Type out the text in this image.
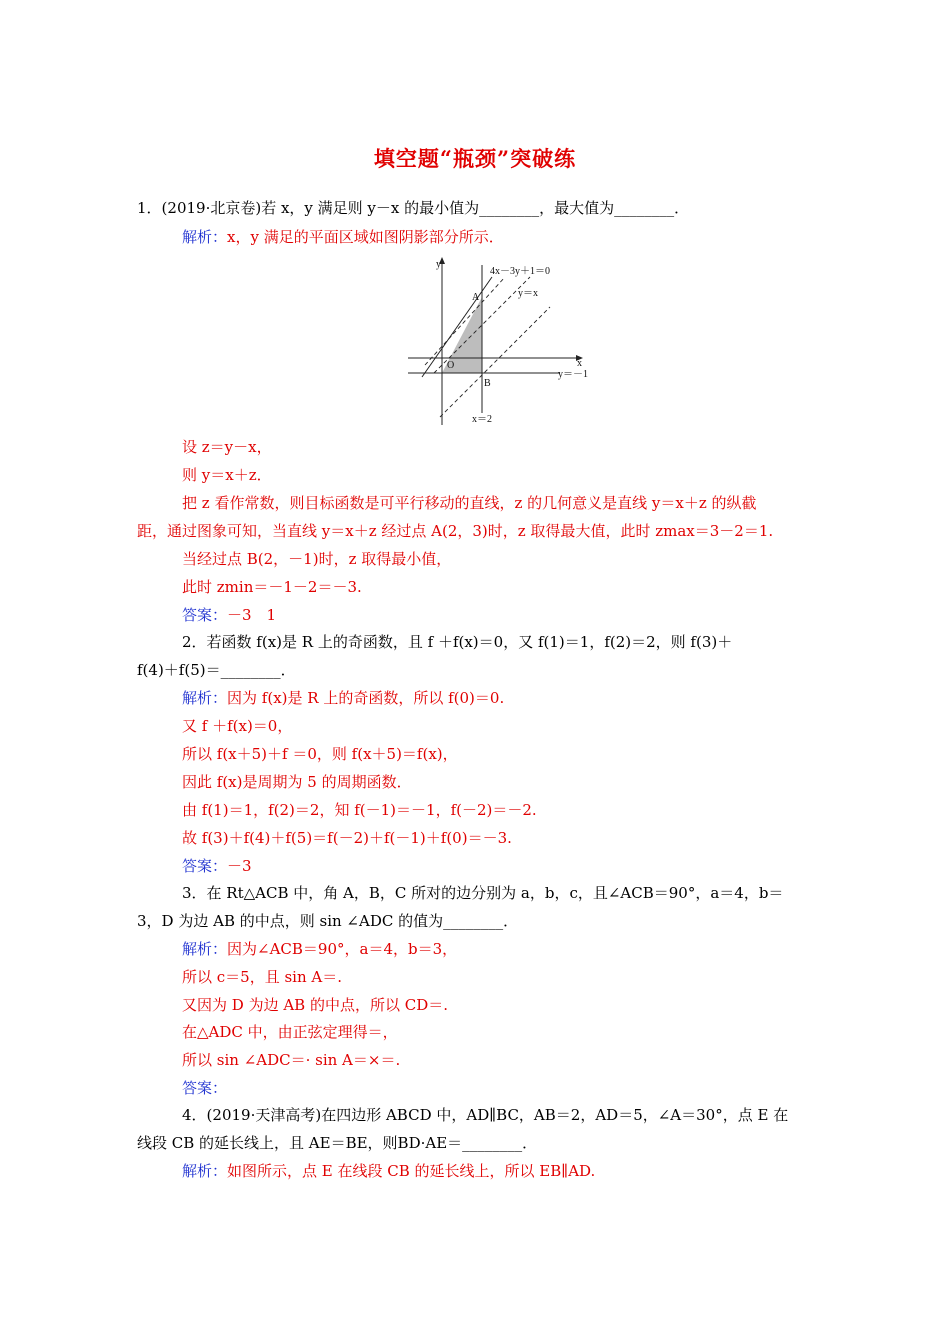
填空题“瓶颈”突破练
1．(2019·北京卷)若 x，y 满足则 y－x 的最小值为________，最大值为________．
解析：x，y 满足的平面区域如图阴影部分所示．
y
x
O
A
B
4x－3y＋1＝0
y＝x
y＝－1
x＝2
设 z＝y－x，
则 y＝x＋z．
把 z 看作常数，则目标函数是可平行移动的直线，z 的几何意义是直线 y＝x＋z 的纵截
距，通过图象可知，当直线 y＝x＋z 经过点 A(2，3)时，z 取得最大值，此时 zmax＝3－2＝1.
当经过点 B(2，－1)时，z 取得最小值，
此时 zmin＝－1－2＝－3.
答案：－3　1
2．若函数 f(x)是 R 上的奇函数，且 f ＋f(x)＝0，又 f(1)＝1，f(2)＝2，则 f(3)＋
f(4)＋f(5)＝________．
解析：因为 f(x)是 R 上的奇函数，所以 f(0)＝0.
又 f ＋f(x)＝0，
所以 f(x＋5)＋f ＝0，则 f(x＋5)＝f(x)，
因此 f(x)是周期为 5 的周期函数．
由 f(1)＝1，f(2)＝2，知 f(－1)＝－1，f(－2)＝－2.
故 f(3)＋f(4)＋f(5)＝f(－2)＋f(－1)＋f(0)＝－3.
答案：－3
3．在 Rt△ACB 中，角 A，B，C 所对的边分别为 a，b，c，且∠ACB＝90°，a＝4，b＝
3，D 为边 AB 的中点，则 sin ∠ADC 的值为________．
解析：因为∠ACB＝90°，a＝4，b＝3，
所以 c＝5，且 sin A＝.
又因为 D 为边 AB 的中点，所以 CD＝.
在△ADC 中，由正弦定理得＝，
所以 sin ∠ADC＝· sin A＝×＝.
答案：
4．(2019·天津高考)在四边形 ABCD 中，AD∥BC，AB＝2，AD＝5，∠A＝30°，点 E 在
线段 CB 的延长线上，且 AE＝BE，则BD·AE＝________．
解析：如图所示，点 E 在线段 CB 的延长线上，所以 EB∥AD.
